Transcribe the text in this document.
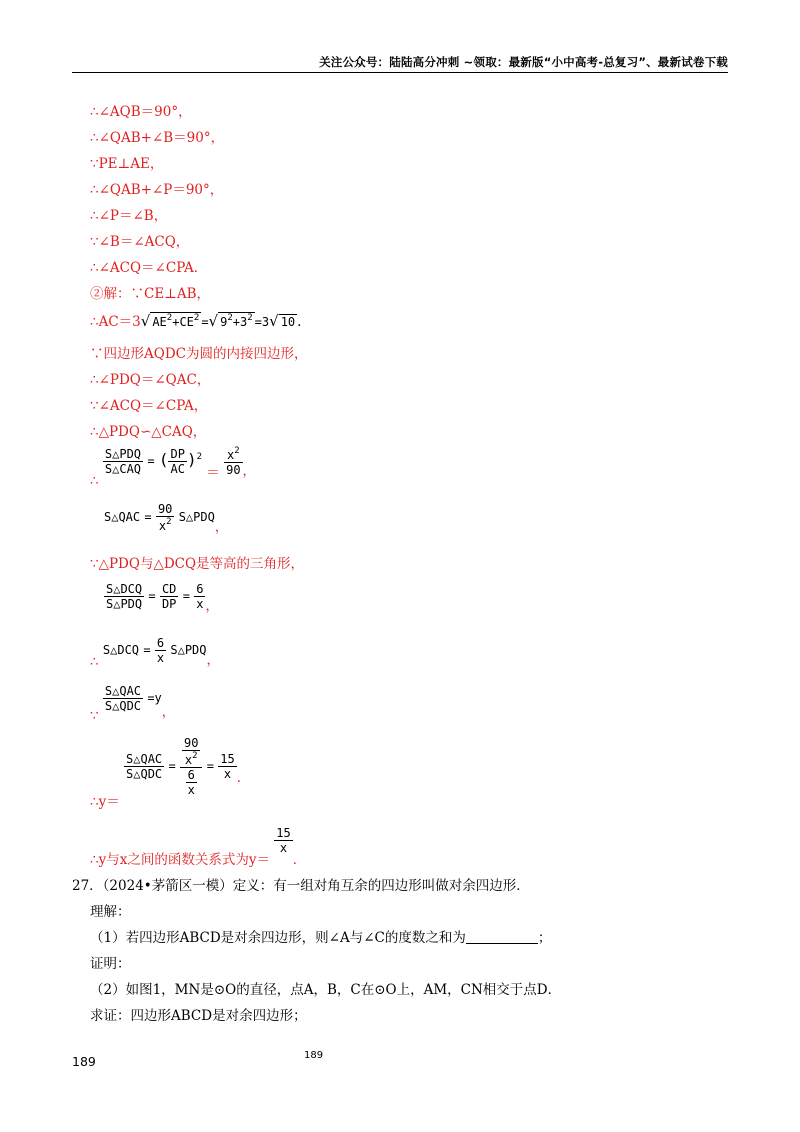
关注公众号：陆陆高分冲刺 ~领取：最新版“小中高考-总复习”、最新试卷下载
∴∠AQB＝90°，
∴∠QAB+∠B＝90°，
∵PE⊥AE，
∴∠QAB+∠P＝90°，
∴∠P＝∠B，
∵∠B＝∠ACQ，
∴∠ACQ＝∠CPA．
②解：∵CE⊥AB，
∴AC＝3√ $AE^2+CE^2$ =√ $9^2+3^2 =3√$ 10 .
∵四边形AQDC为圆的内接四边形，
∴∠PDQ＝∠QAC，
∵∠ACQ＝∠CPA，
∴△PDQ∽△CAQ，
∴
$\frac{\text{S△PDQ}}{\text{S△CAQ}}$ = ( $\frac{DP}{AC} )^2 = \frac{x^2}{90}$ ，
S△QAC = $\frac{90}{x^2}$ S△PDQ，
∵△PDQ与△DCQ是等高的三角形，
$\frac{\text{S△DCQ}}{\text{S△PDQ}} = \frac{CD}{DP} = \frac{6}{x}$ ，
∴ S△DCQ = $\frac{6}{x}$ S△PDQ，
∵
$\frac{\text{S△QAC}}{\text{S△QDC}} =y$，
∴y＝
$\frac{\text{S△QAC}}{\text{S△QDC}} = \frac{\frac{90}{x^2}}{\frac{6}{x}} = \frac{15}{x}$ ．
∴y与x之间的函数关系式为y＝
$\frac{15}{x}$
．
27．（2024•茅箭区一模）定义：有一组对角互余的四边形叫做对余四边形．
理解：
（1）若四边形ABCD是对余四边形，则∠A与∠C的度数之和为	；
证明：
（2）如图1，MN是⊙O的直径，点A，B，C在⊙O上，AM，CN相交于点D．
求证：四边形ABCD是对余四边形；
189	189
